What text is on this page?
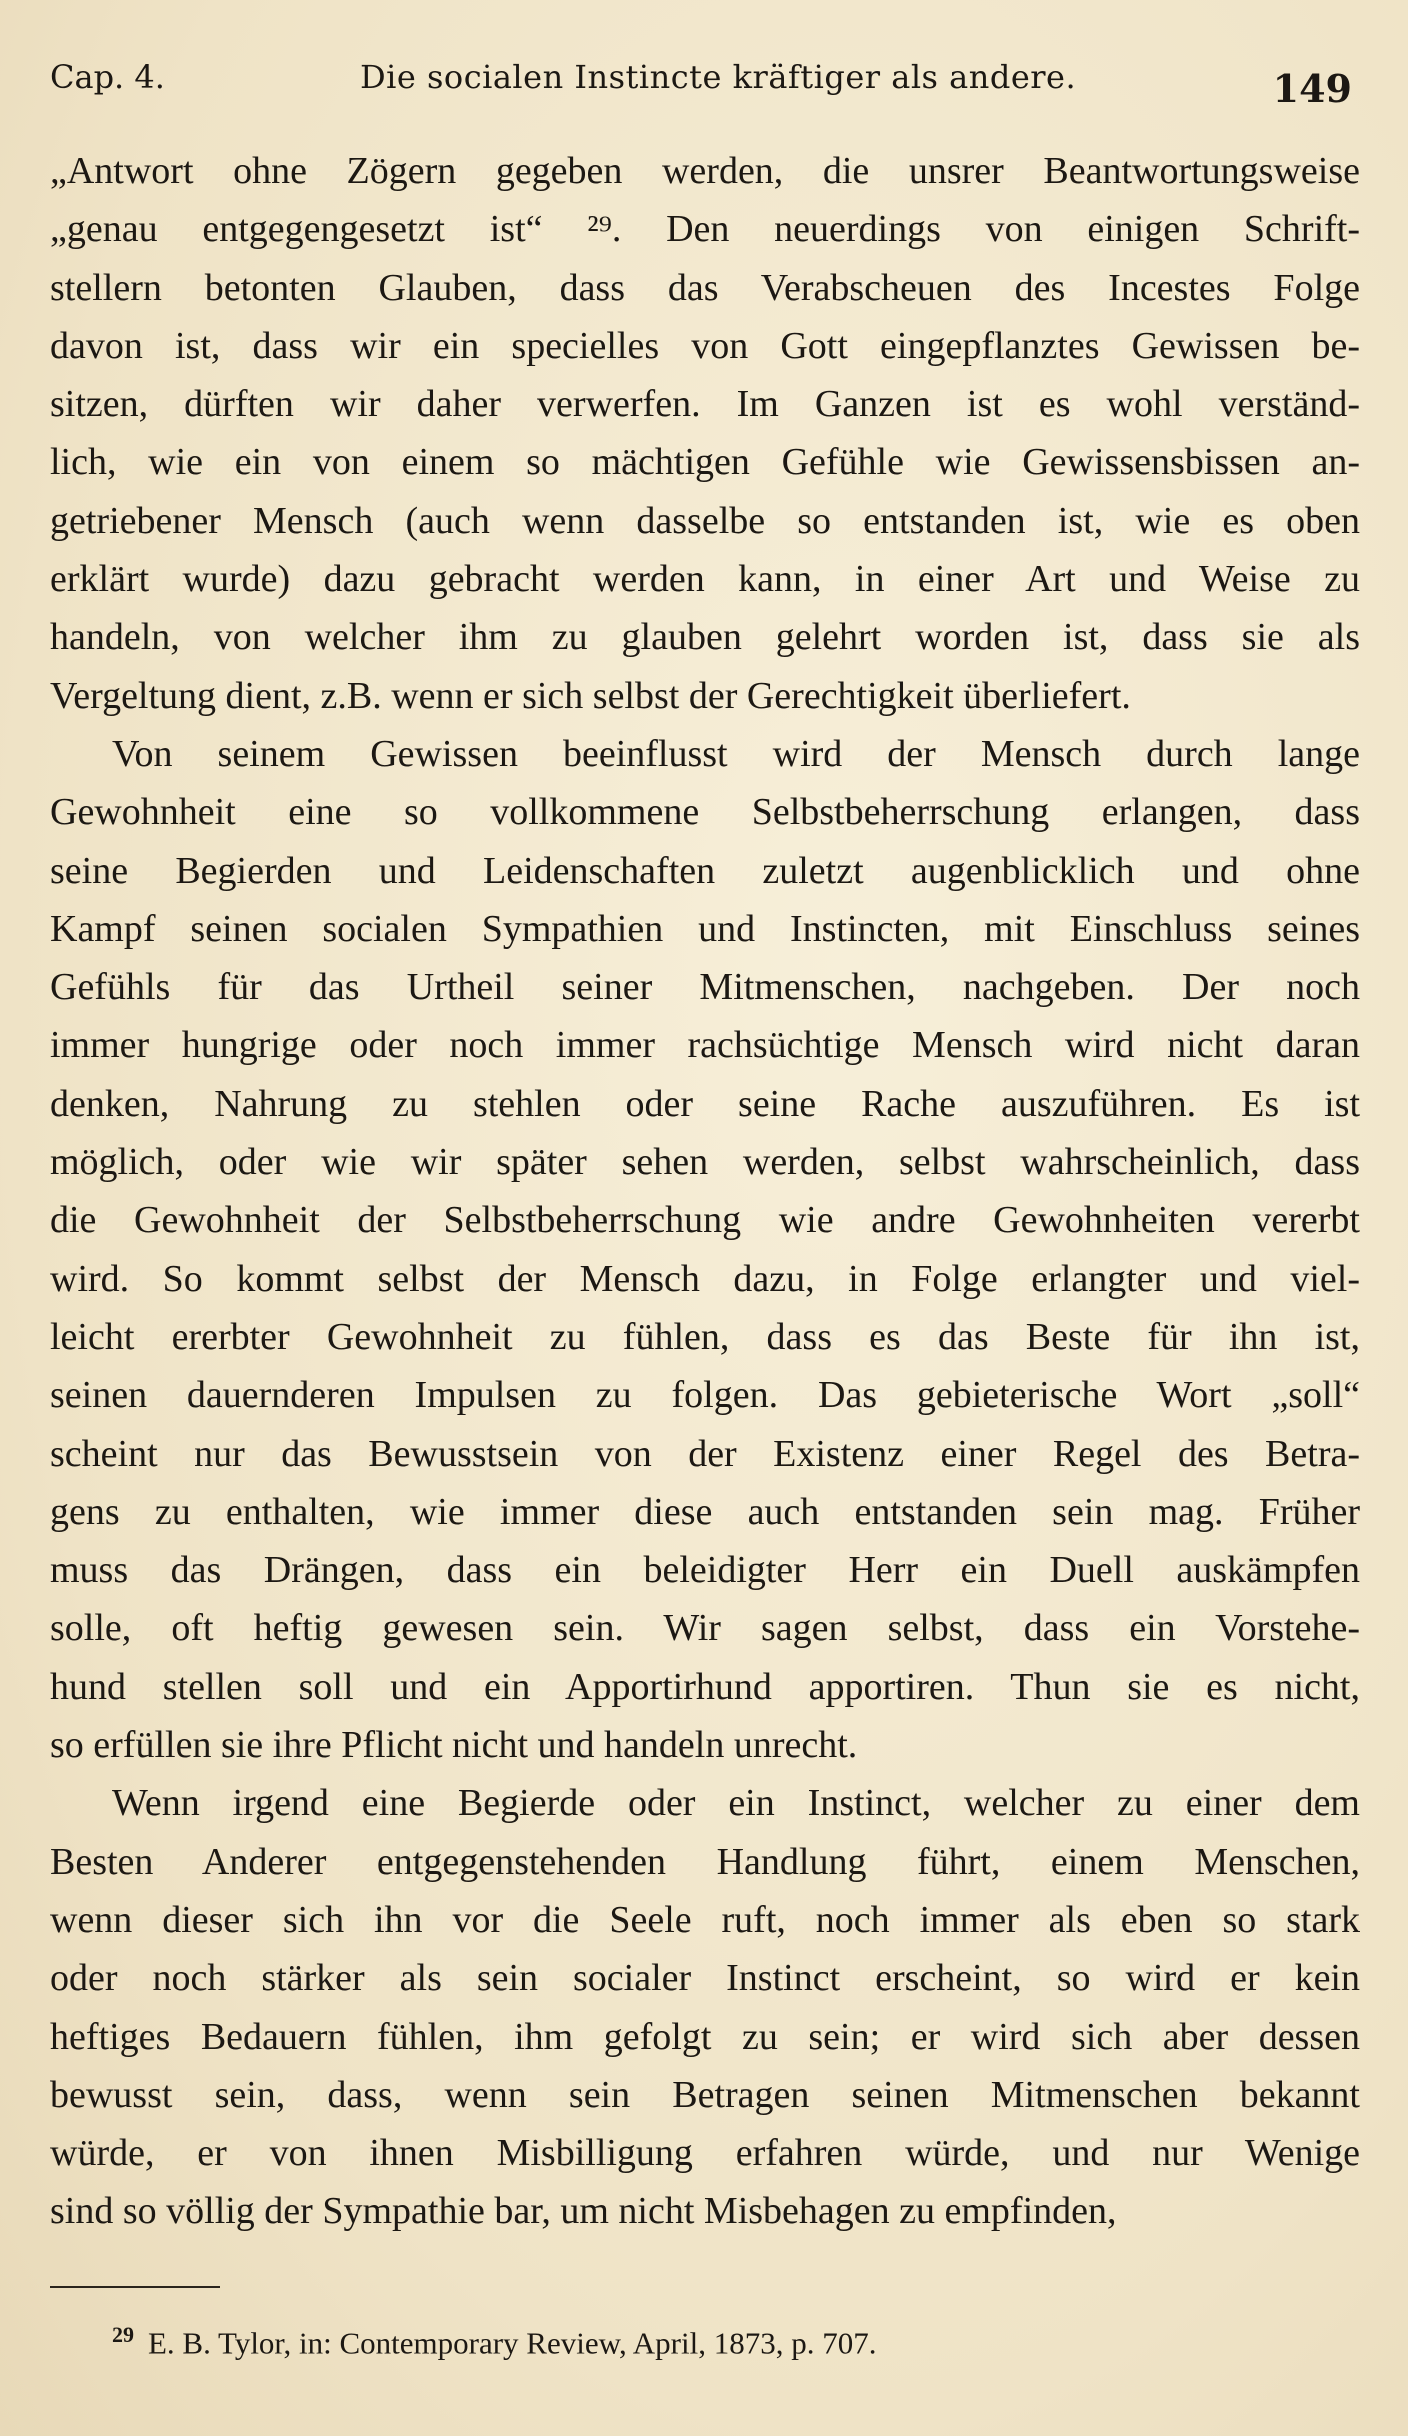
Cap. 4.	Die socialen Instincte kräftiger als andere.	149
„Antwort ohne Zögern gegeben werden, die unsrer Beantwortungsweise
„genau entgegengesetzt ist“ ²⁹. Den neuerdings von einigen Schrift-
stellern betonten Glauben, dass das Verabscheuen des Incestes Folge
davon ist, dass wir ein specielles von Gott eingepflanztes Gewissen be-
sitzen, dürften wir daher verwerfen. Im Ganzen ist es wohl verständ-
lich, wie ein von einem so mächtigen Gefühle wie Gewissensbissen an-
getriebener Mensch (auch wenn dasselbe so entstanden ist, wie es oben
erklärt wurde) dazu gebracht werden kann, in einer Art und Weise zu
handeln, von welcher ihm zu glauben gelehrt worden ist, dass sie als
Vergeltung dient, z.B. wenn er sich selbst der Gerechtigkeit überliefert.
Von seinem Gewissen beeinflusst wird der Mensch durch lange
Gewohnheit eine so vollkommene Selbstbeherrschung erlangen, dass
seine Begierden und Leidenschaften zuletzt augenblicklich und ohne
Kampf seinen socialen Sympathien und Instincten, mit Einschluss seines
Gefühls für das Urtheil seiner Mitmenschen, nachgeben. Der noch
immer hungrige oder noch immer rachsüchtige Mensch wird nicht daran
denken, Nahrung zu stehlen oder seine Rache auszuführen. Es ist
möglich, oder wie wir später sehen werden, selbst wahrscheinlich, dass
die Gewohnheit der Selbstbeherrschung wie andre Gewohnheiten vererbt
wird. So kommt selbst der Mensch dazu, in Folge erlangter und viel-
leicht ererbter Gewohnheit zu fühlen, dass es das Beste für ihn ist,
seinen dauernderen Impulsen zu folgen. Das gebieterische Wort „soll“
scheint nur das Bewusstsein von der Existenz einer Regel des Betra-
gens zu enthalten, wie immer diese auch entstanden sein mag. Früher
muss das Drängen, dass ein beleidigter Herr ein Duell auskämpfen
solle, oft heftig gewesen sein. Wir sagen selbst, dass ein Vorstehe-
hund stellen soll und ein Apportirhund apportiren. Thun sie es nicht,
so erfüllen sie ihre Pflicht nicht und handeln unrecht.
Wenn irgend eine Begierde oder ein Instinct, welcher zu einer dem
Besten Anderer entgegenstehenden Handlung führt, einem Menschen,
wenn dieser sich ihn vor die Seele ruft, noch immer als eben so stark
oder noch stärker als sein socialer Instinct erscheint, so wird er kein
heftiges Bedauern fühlen, ihm gefolgt zu sein; er wird sich aber dessen
bewusst sein, dass, wenn sein Betragen seinen Mitmenschen bekannt
würde, er von ihnen Misbilligung erfahren würde, und nur Wenige
sind so völlig der Sympathie bar, um nicht Misbehagen zu empfinden,
$^{29}$ E. B. Tylor, in: Contemporary Review, April, 1873, p. 707.
